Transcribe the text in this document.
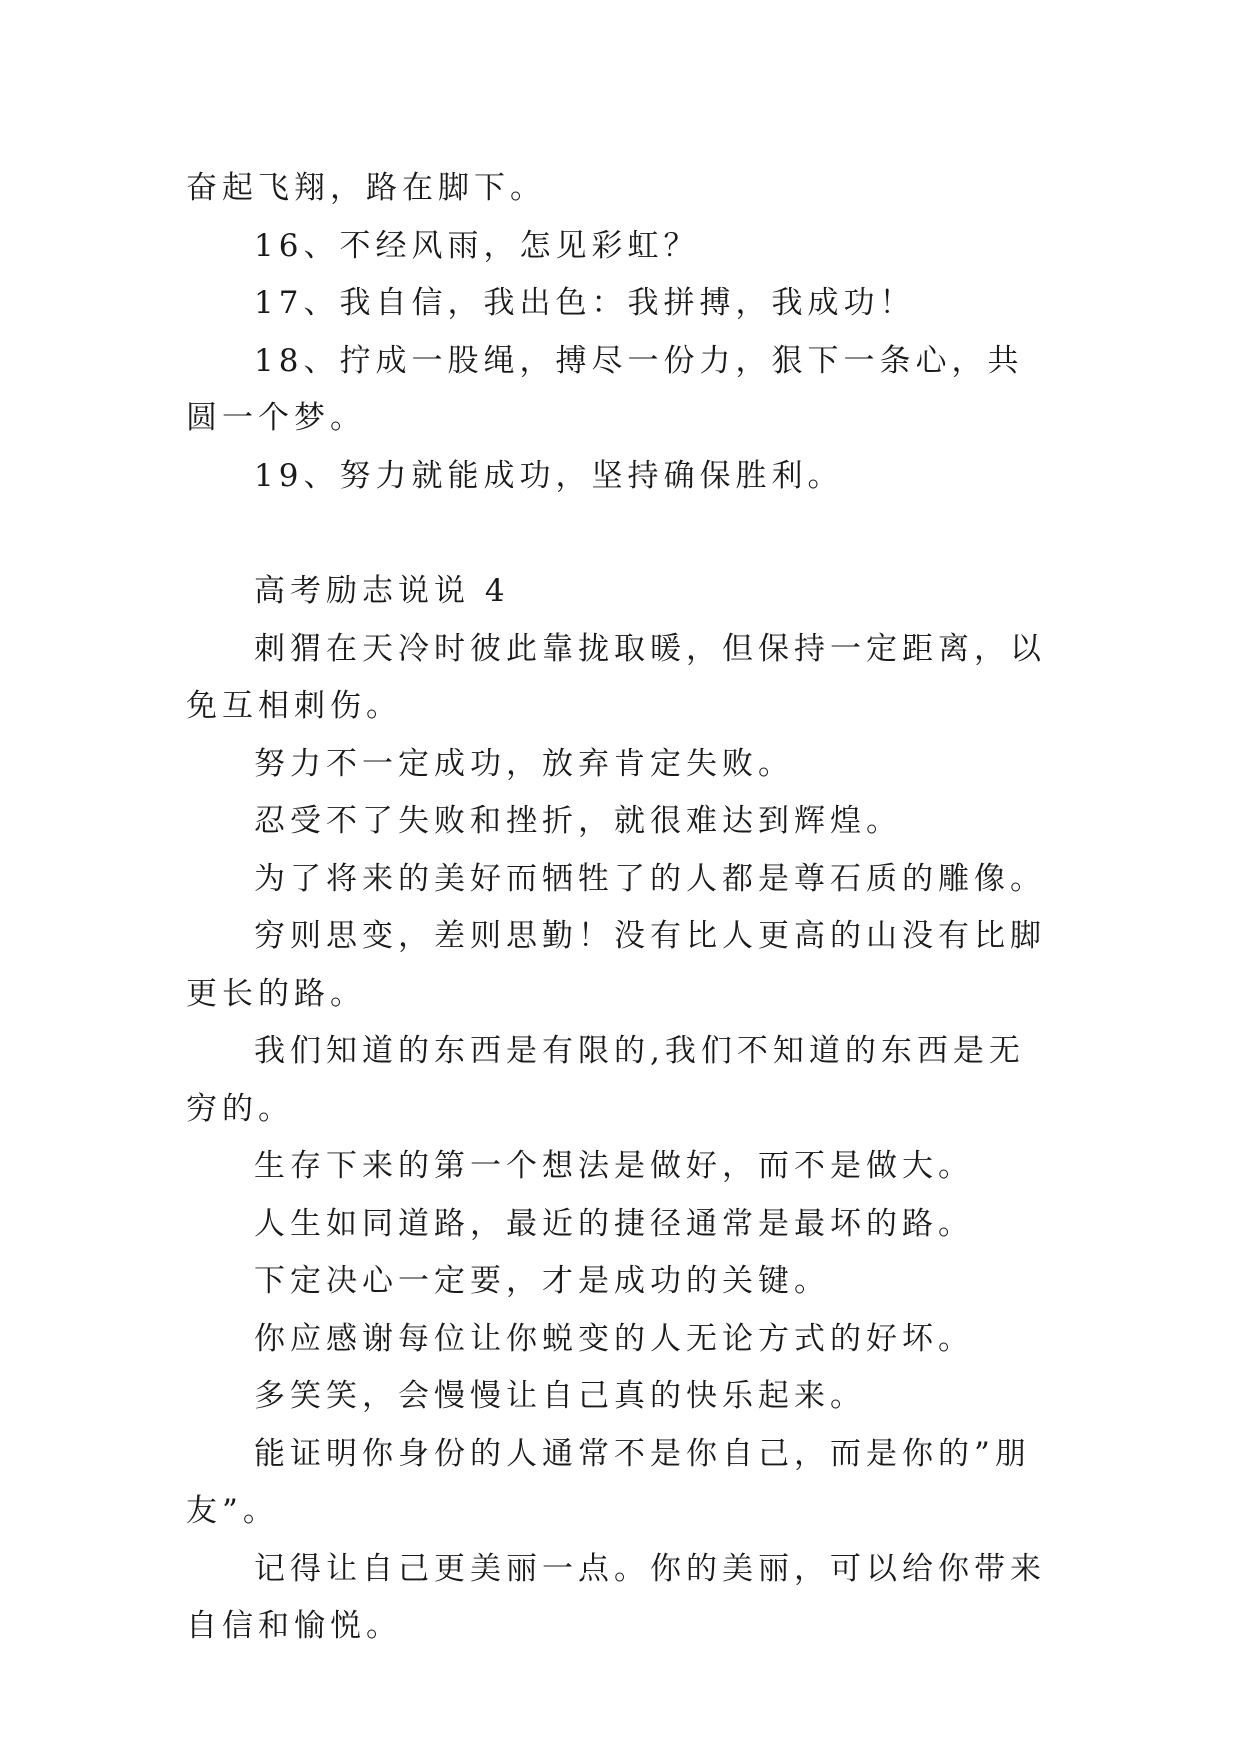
奋起飞翔，路在脚下。

16、不经风雨，怎见彩虹？

17、我自信，我出色：我拼搏，我成功！

18、拧成一股绳，搏尽一份力，狠下一条心，共圆一个梦。

19、努力就能成功，坚持确保胜利。

高考励志说说 4

刺猬在天冷时彼此靠拢取暖，但保持一定距离，以免互相刺伤。

努力不一定成功，放弃肯定失败。

忍受不了失败和挫折，就很难达到辉煌。

为了将来的美好而牺牲了的人都是尊石质的雕像。

穷则思变，差则思勤！没有比人更高的山没有比脚更长的路。

我们知道的东西是有限的,我们不知道的东西是无穷的。

生存下来的第一个想法是做好，而不是做大。

人生如同道路，最近的捷径通常是最坏的路。

下定决心一定要，才是成功的关键。

你应感谢每位让你蜕变的人无论方式的好坏。

多笑笑，会慢慢让自己真的快乐起来。

能证明你身份的人通常不是你自己，而是你的”朋友”。

记得让自己更美丽一点。你的美丽，可以给你带来自信和愉悦。
